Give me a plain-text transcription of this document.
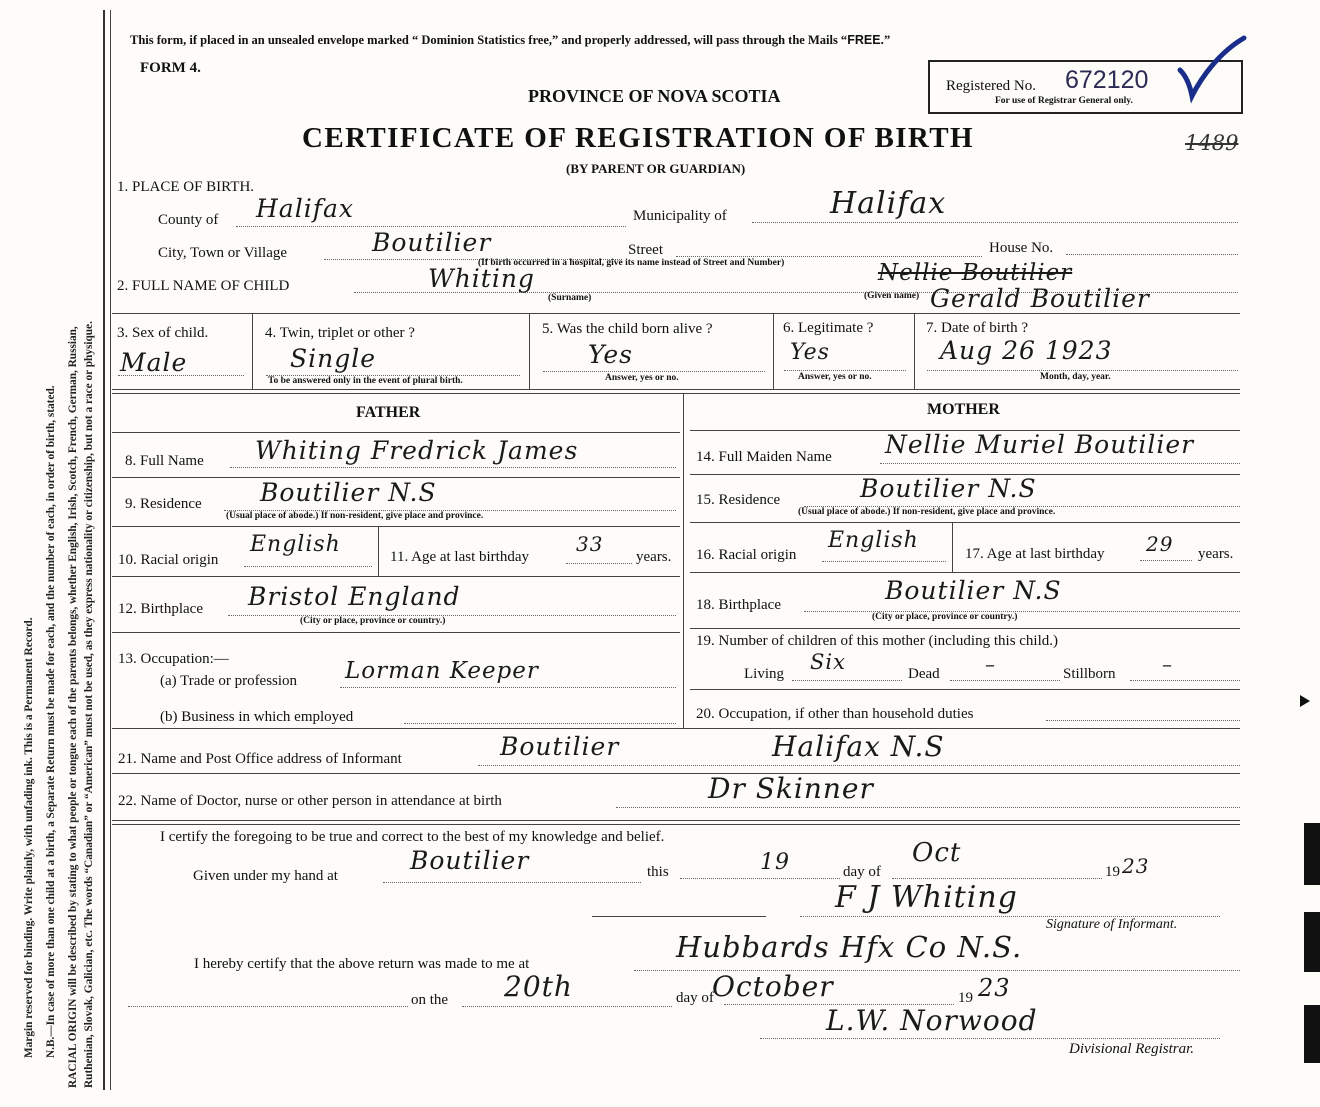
Margin reserved for binding. Write plainly, with unfading ink. This is a Permanent Record. N.B.—In case of more than one child at a birth, a Separate Return must be made for each, and the number of each, in order of birth, stated. RACIAL ORIGIN will be described by stating to what people or tongue each of the parents belongs, whether English, Irish, Scotch, French, German, Russian, Ruthenian, Slovak, Galician, etc. The words “Canadian” or “American” must not be used, as they express nationality or citizenship, but not a race or physique.
This form, if placed in an unsealed envelope marked “ Dominion Statistics free,” and properly addressed, will pass through the Mails “FREE.”
FORM 4.
PROVINCE OF NOVA SCOTIA
CERTIFICATE OF REGISTRATION OF BIRTH
(BY PARENT OR GUARDIAN)
Registered No. 672120
For use of Registrar General only.
1489
1. PLACE OF BIRTH.
County of Halifax	Municipality of	Halifax
City, Town or Village	Boutilier	Street	House No.
(If birth occurred in a hospital, give its name instead of Street and Number)
2. FULL NAME OF CHILD	Whiting
(Surname)	(Given name)
Nellie Boutilier
Gerald Boutilier
3. Sex of child.
Male
4. Twin, triplet or other ?
Single
To be answered only in the event of plural birth.
5. Was the child born alive ?
Yes
Answer, yes or no.
6. Legitimate ?
Yes
Answer, yes or no.
7. Date of birth ?
Aug 26 1923
Month, day, year.
FATHER	MOTHER
8. Full Name Whiting Fredrick James
9. Residence Boutilier N.S
(Usual place of abode.) If non-resident, give place and province.
10. Racial origin
English	11. Age at last birthday
33
years.
12. Birthplace Bristol England
(City or place, province or country.)
13. Occupation:—
(a) Trade or profession Lorman Keeper
(b) Business in which employed
14. Full Maiden Name Nellie Muriel Boutilier
15. Residence	Boutilier N.S
(Usual place of abode.) If non-resident, give place and province.
16. Racial origin
English
17. Age at last birthday 29 years.
18. Birthplace	Boutilier N.S
(City or place, province or country.)
19. Number of children of this mother (including this child.)
Living Six	Dead –	Stillborn –
20. Occupation, if other than household duties
21. Name and Post Office address of Informant	Boutilier	Halifax N.S
22. Name of Doctor, nurse or other person in attendance at birth	Dr Skinner
I certify the foregoing to be true and correct to the best of my knowledge and belief.
Given under my hand at
Boutilier	this	19	day of
Oct
19 23
F J Whiting
Signature of Informant.
I hereby certify that the above return was made to me at	Hubbards Hfx Co N.S.
on the 20th	day of
October	19 23
L.W. Norwood
Divisional Registrar.
